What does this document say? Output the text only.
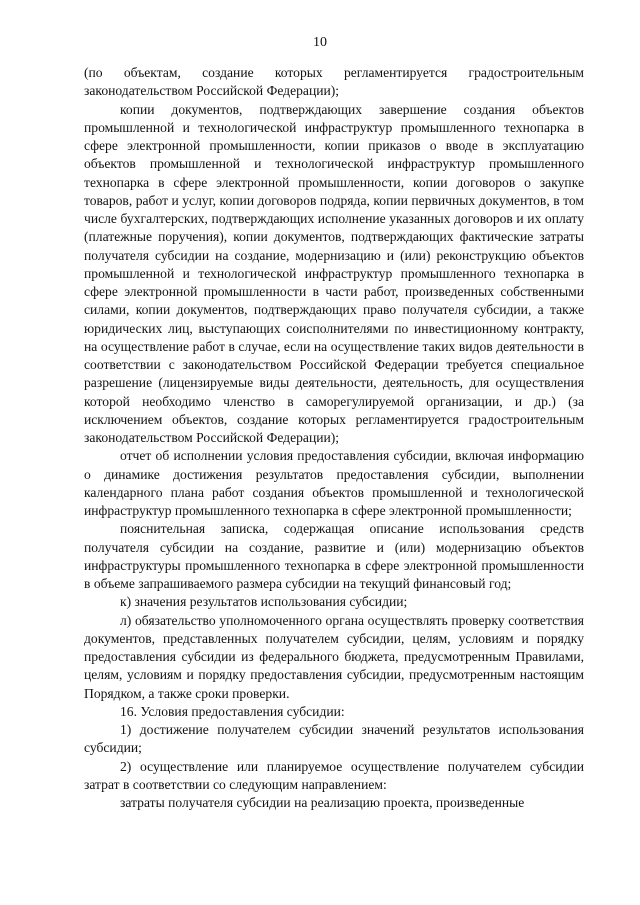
10

(по объектам, создание которых регламентируется градостроительным законодательством Российской Федерации);

копии документов, подтверждающих завершение создания объектов промышленной и технологической инфраструктур промышленного технопарка в сфере электронной промышленности, копии приказов о вводе в эксплуатацию объектов промышленной и технологической инфраструктур промышленного технопарка в сфере электронной промышленности, копии договоров о закупке товаров, работ и услуг, копии договоров подряда, копии первичных документов, в том числе бухгалтерских, подтверждающих исполнение указанных договоров и их оплату (платежные поручения), копии документов, подтверждающих фактические затраты получателя субсидии на создание, модернизацию и (или) реконструкцию объектов промышленной и технологической инфраструктур промышленного технопарка в сфере электронной промышленности в части работ, произведенных собственными силами, копии документов, подтверждающих право получателя субсидии, а также юридических лиц, выступающих соисполнителями по инвестиционному контракту, на осуществление работ в случае, если на осуществление таких видов деятельности в соответствии с законодательством Российской Федерации требуется специальное разрешение (лицензируемые виды деятельности, деятельность, для осуществления которой необходимо членство в саморегулируемой организации, и др.) (за исключением объектов, создание которых регламентируется градостроительным законодательством Российской Федерации);

отчет об исполнении условия предоставления субсидии, включая информацию о динамике достижения результатов предоставления субсидии, выполнении календарного плана работ создания объектов промышленной и технологической инфраструктур промышленного технопарка в сфере электронной промышленности;

пояснительная записка, содержащая описание использования средств получателя субсидии на создание, развитие и (или) модернизацию объектов инфраструктуры промышленного технопарка в сфере электронной промышленности в объеме запрашиваемого размера субсидии на текущий финансовый год;

к) значения результатов использования субсидии;

л) обязательство уполномоченного органа осуществлять проверку соответствия документов, представленных получателем субсидии, целям, условиям и порядку предоставления субсидии из федерального бюджета, предусмотренным Правилами, целям, условиям и порядку предоставления субсидии, предусмотренным настоящим Порядком, а также сроки проверки.

16. Условия предоставления субсидии:

1) достижение получателем субсидии значений результатов использования субсидии;

2) осуществление или планируемое осуществление получателем субсидии затрат в соответствии со следующим направлением:

затраты получателя субсидии на реализацию проекта, произведенные
